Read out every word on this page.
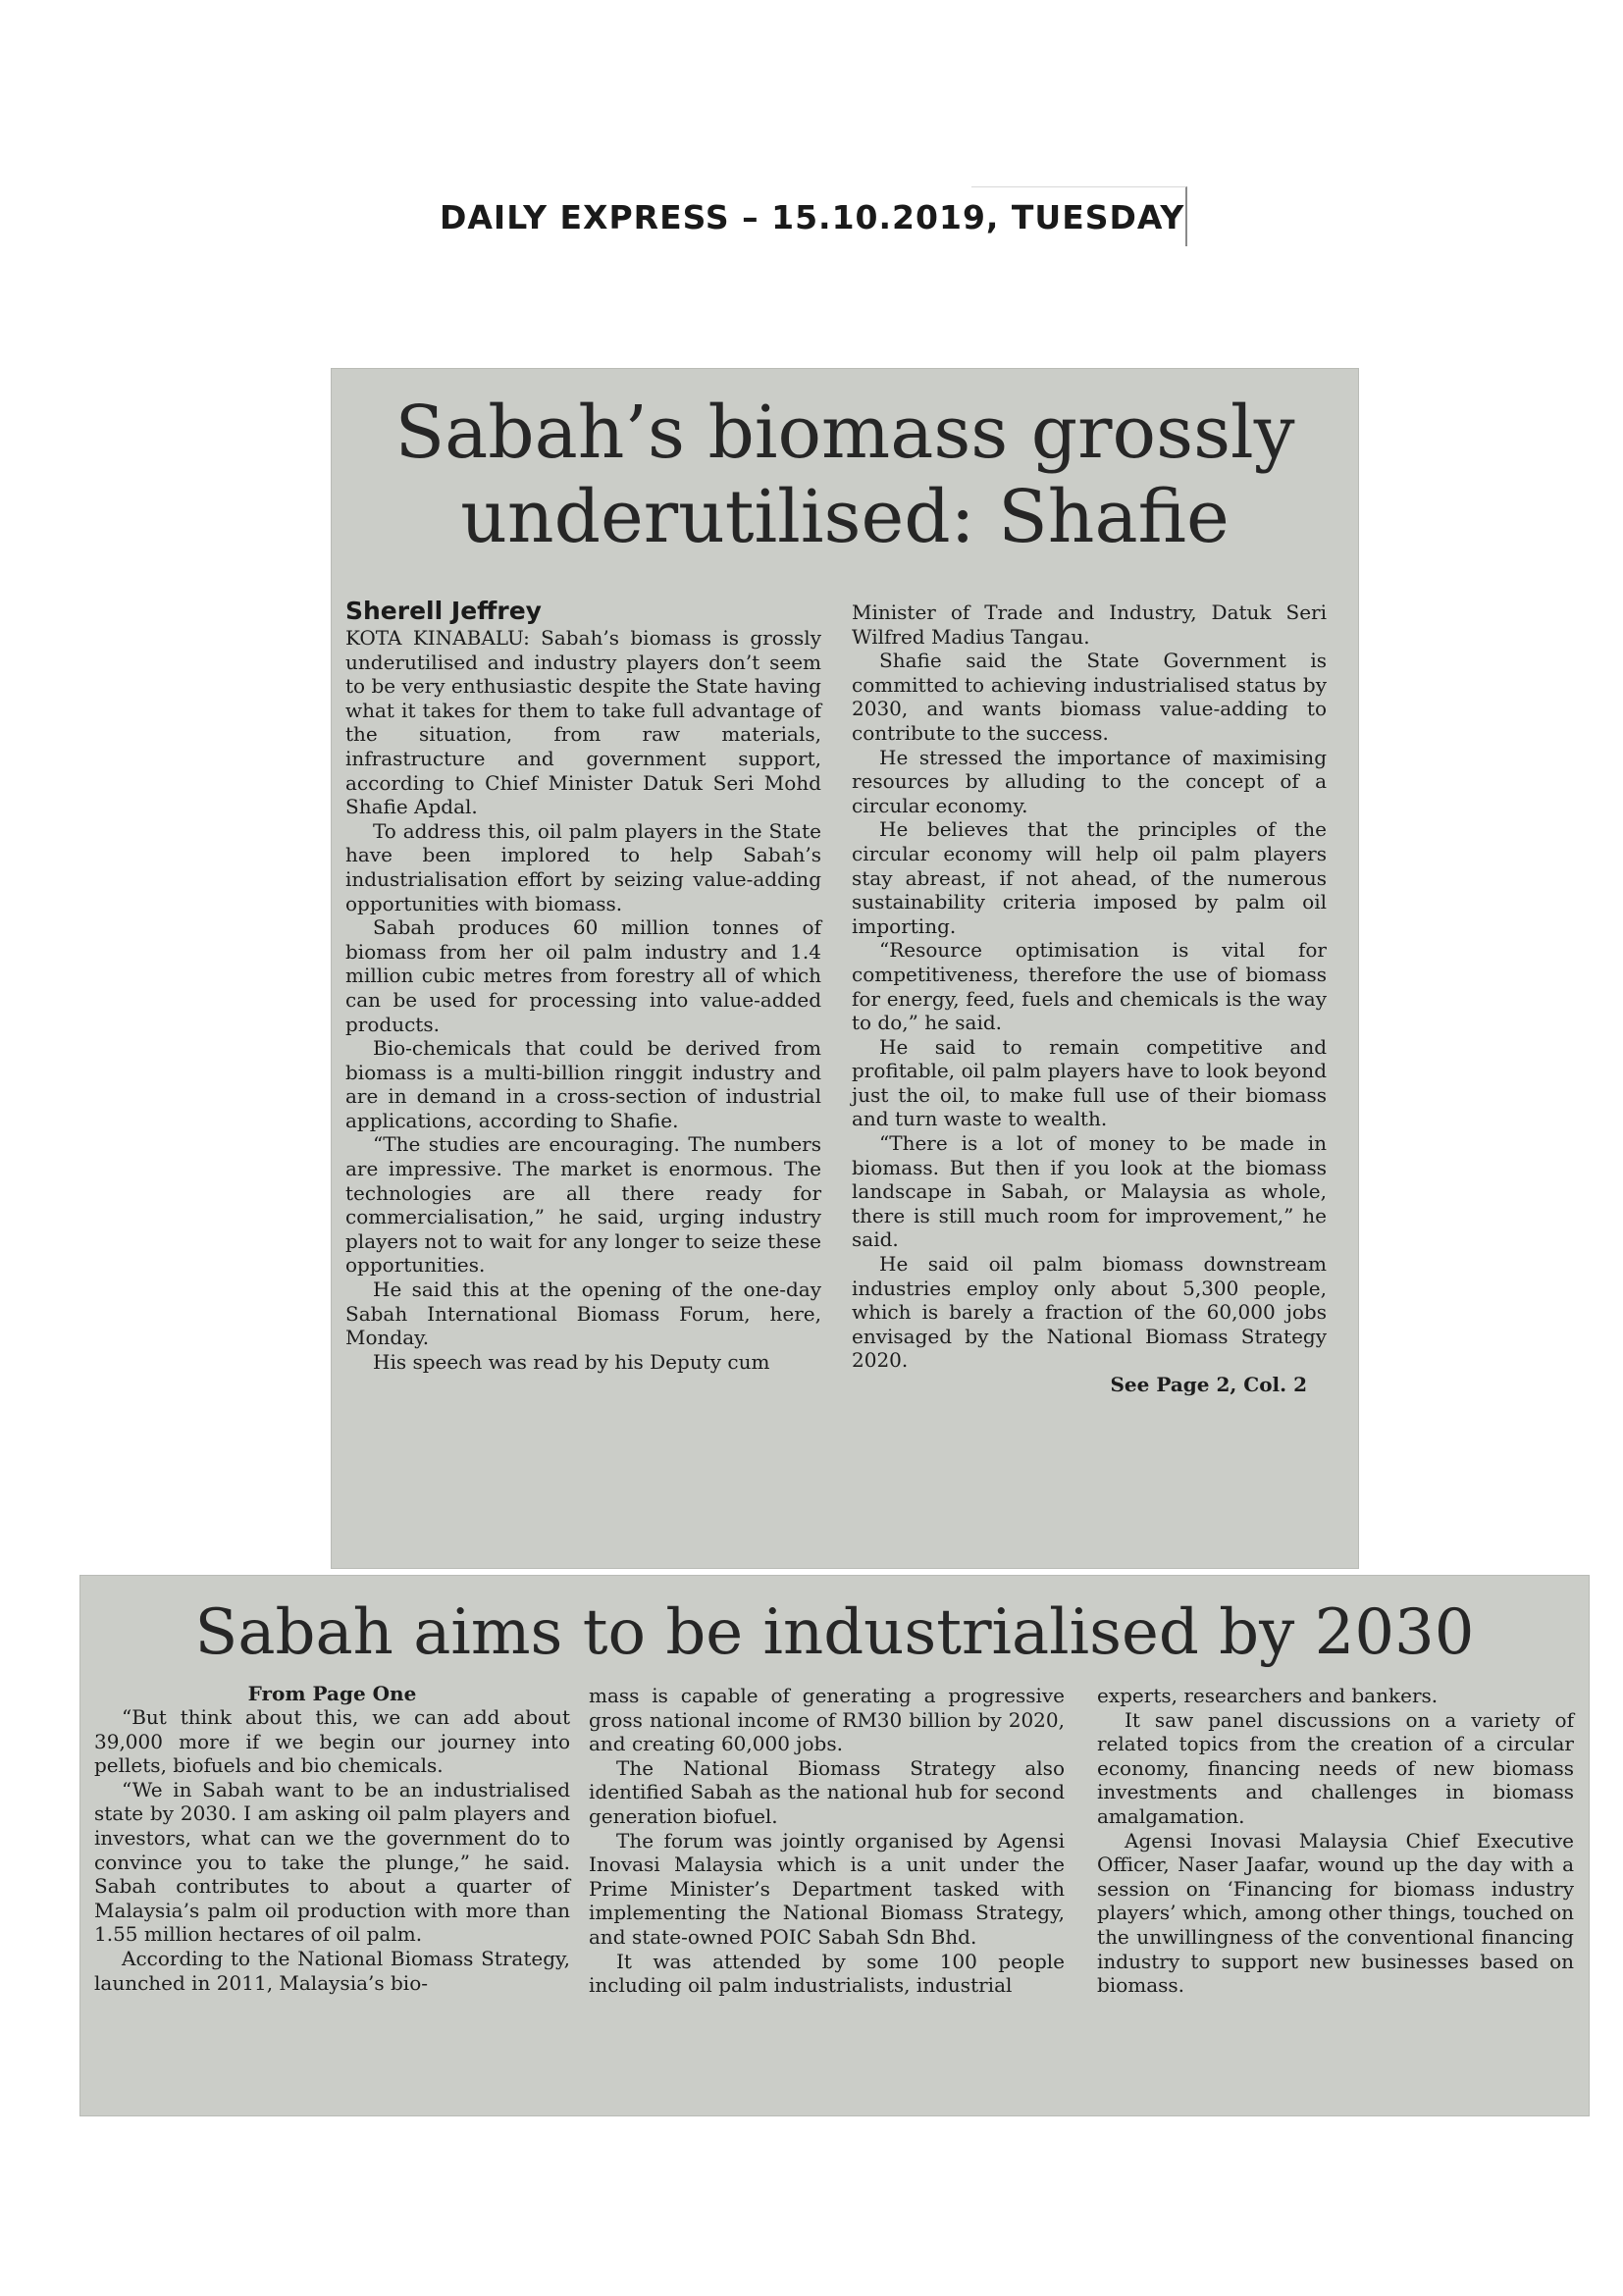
DAILY EXPRESS – 15.10.2019, TUESDAY
Sabah’s biomass grossly underutilised: Shafie
Sherell Jeffrey

KOTA KINABALU: Sabah’s biomass is grossly underutilised and industry players don’t seem to be very enthusiastic despite the State having what it takes for them to take full advantage of the situation, from raw materials, infrastructure and government support, according to Chief Minister Datuk Seri Mohd Shafie Apdal.

To address this, oil palm players in the State have been implored to help Sabah’s industrialisation effort by seizing value-adding opportunities with biomass.

Sabah produces 60 million tonnes of biomass from her oil palm industry and 1.4 million cubic metres from forestry all of which can be used for processing into value-added products.

Bio-chemicals that could be derived from biomass is a multi-billion ringgit industry and are in demand in a cross-section of industrial applications, according to Shafie.

“The studies are encouraging. The numbers are impressive. The market is enormous. The technologies are all there ready for commercialisation,” he said, urging industry players not to wait for any longer to seize these opportunities.

He said this at the opening of the one-day Sabah International Biomass Forum, here, Monday.

His speech was read by his Deputy cum

Minister of Trade and Industry, Datuk Seri Wilfred Madius Tangau.

Shafie said the State Government is committed to achieving industrialised status by 2030, and wants biomass value-adding to contribute to the success.

He stressed the importance of maximising resources by alluding to the concept of a circular economy.

He believes that the principles of the circular economy will help oil palm players stay abreast, if not ahead, of the numerous sustainability criteria imposed by palm oil importing.

“Resource optimisation is vital for competitiveness, therefore the use of biomass for energy, feed, fuels and chemicals is the way to do,” he said.

He said to remain competitive and profitable, oil palm players have to look beyond just the oil, to make full use of their biomass and turn waste to wealth.

“There is a lot of money to be made in biomass. But then if you look at the biomass landscape in Sabah, or Malaysia as whole, there is still much room for improvement,” he said.

He said oil palm biomass downstream industries employ only about 5,300 people, which is barely a fraction of the 60,000 jobs envisaged by the National Biomass Strategy 2020.

See Page 2, Col. 2
Sabah aims to be industrialised by 2030
From Page One

“But think about this, we can add about 39,000 more if we begin our journey into pellets, biofuels and bio chemicals.

“We in Sabah want to be an industrialised state by 2030. I am asking oil palm players and investors, what can we the government do to convince you to take the plunge,” he said. Sabah contributes to about a quarter of Malaysia’s palm oil production with more than 1.55 million hectares of oil palm.

According to the National Biomass Strategy, launched in 2011, Malaysia’s bio-

mass is capable of generating a progressive gross national income of RM30 billion by 2020, and creating 60,000 jobs.

The National Biomass Strategy also identified Sabah as the national hub for second generation biofuel.

The forum was jointly organised by Agensi Inovasi Malaysia which is a unit under the Prime Minister’s Department tasked with implementing the National Biomass Strategy, and state-owned POIC Sabah Sdn Bhd.

It was attended by some 100 people including oil palm industrialists, industrial

experts, researchers and bankers.

It saw panel discussions on a variety of related topics from the creation of a circular economy, financing needs of new biomass investments and challenges in biomass amalgamation.

Agensi Inovasi Malaysia Chief Executive Officer, Naser Jaafar, wound up the day with a session on ‘Financing for biomass industry players’ which, among other things, touched on the unwillingness of the conventional financing industry to support new businesses based on biomass.
